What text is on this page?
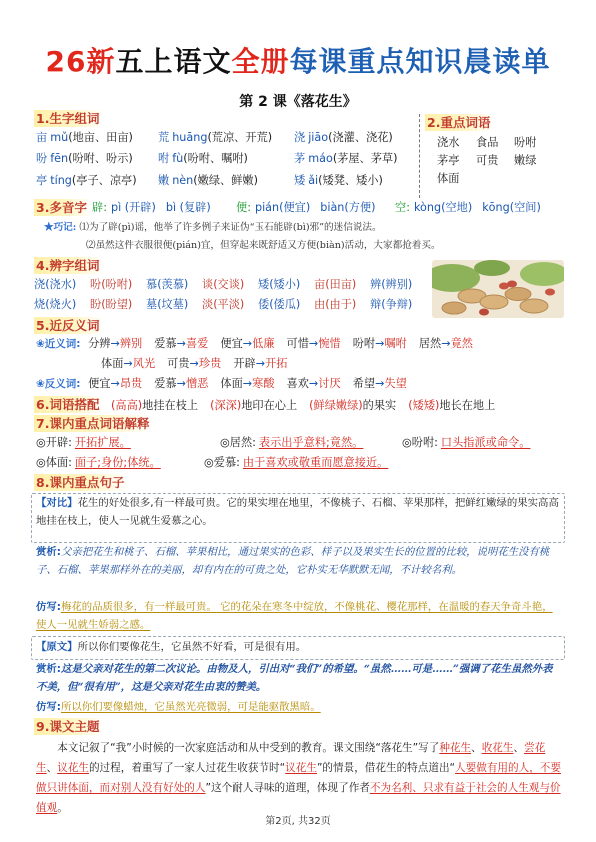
26新五上语文全册每课重点知识晨读单
第 2 课《落花生》
1.生字组词
亩 mǔ(地亩、田亩) 荒 huāng(荒凉、开荒) 浇 jiāo(浇灌、浇花)
吩 fēn(吩咐、吩示) 咐 fù(吩咐、嘱咐)	茅 máo(茅屋、茅草)
亭 tíng(亭子、凉亭) 嫩 nèn(嫩绿、鲜嫩)	矮 ǎi(矮凳、矮小)
2.重点词语
浇水 食品 吩咐
茅亭 可贵 嫩绿
体面
3.多音字 辟: pì (开辟) bì (复辟) 便: pián(便宜) biàn(方便) 空: kòng(空地) kōng(空间)
★巧记: ⑴为了辟(pì)谣，他举了许多例子来证伪“玉石能辟(bì)邪”的迷信说法。
⑵虽然这件衣服很便(pián)宜，但穿起来既舒适又方便(biàn)活动，大家都抢着买。
4.辨字组词
浇(浇水) 吩(吩咐) 慕(羡慕) 谈(交谈) 矮(矮小) 亩(田亩) 辨(辨别)
烧(烧火) 盼(盼望) 墓(坟墓) 淡(平淡) 倭(倭瓜) 由(由于) 辩(争辩)
5.近反义词
❀近义词: 分辨→辨别 爱慕→喜爱 便宜→低廉 可惜→惋惜 吩咐→嘱咐 居然→竟然
体面→风光 可贵→珍贵 开辟→开拓
❀反义词: 便宜→昂贵 爱慕→憎恶 体面→寒酸 喜欢→讨厌 希望→失望
6.词语搭配 (高高)地挂在枝上 (深深)地印在心上 (鲜绿嫩绿)的果实 (矮矮)地长在地上
7.课内重点词语解释
◎开辟: 开拓扩展。	◎居然: 表示出乎意料;竟然。	◎吩咐: 口头指派或命令。
◎体面: 面子;身份;体统。	◎爱慕: 由于喜欢或敬重而愿意接近。
8.课内重点句子
【对比】花生的好处很多,有一样最可贵。它的果实埋在地里，不像桃子、石榴、苹果那样，把鲜红嫩绿的果实高高地挂在枝上，使人一见就生爱慕之心。
赏析:父亲把花生和桃子、石榴、苹果相比，通过果实的色彩、样子以及果实生长的位置的比较，说明花生没有桃子、石榴、苹果那样外在的美丽，却有内在的可贵之处，它朴实无华默默无闻，不计较名利。
仿写:梅花的品质很多，有一样最可贵。 它的花朵在寒冬中绽放，不像桃花、樱花那样，在温暖的春天争奇斗艳，使人一见就生娇弱之感。
【原文】所以你们要像花生，它虽然不好看，可是很有用。
赏析:这是父亲对花生的第二次议论。由物及人，引出对“我们”的希望。“虽然……可是……”强调了花生虽然外表不美，但“很有用”，这是父亲对花生由衷的赞美。
仿写:所以你们要像蜡烛，它虽然光亮微弱，可是能驱散黑暗。
9.课文主题
本文记叙了“我”小时候的一次家庭活动和从中受到的教育。课文围绕“落花生”写了种花生、收花生、尝花生、议花生的过程，着重写了一家人过花生收获节时“议花生”的情景，借花生的特点道出“人要做有用的人，不要做只讲体面，而对别人没有好处的人”这个耐人寻味的道理，体现了作者不为名利、只求有益于社会的人生观与价值观。
第2页, 共32页
